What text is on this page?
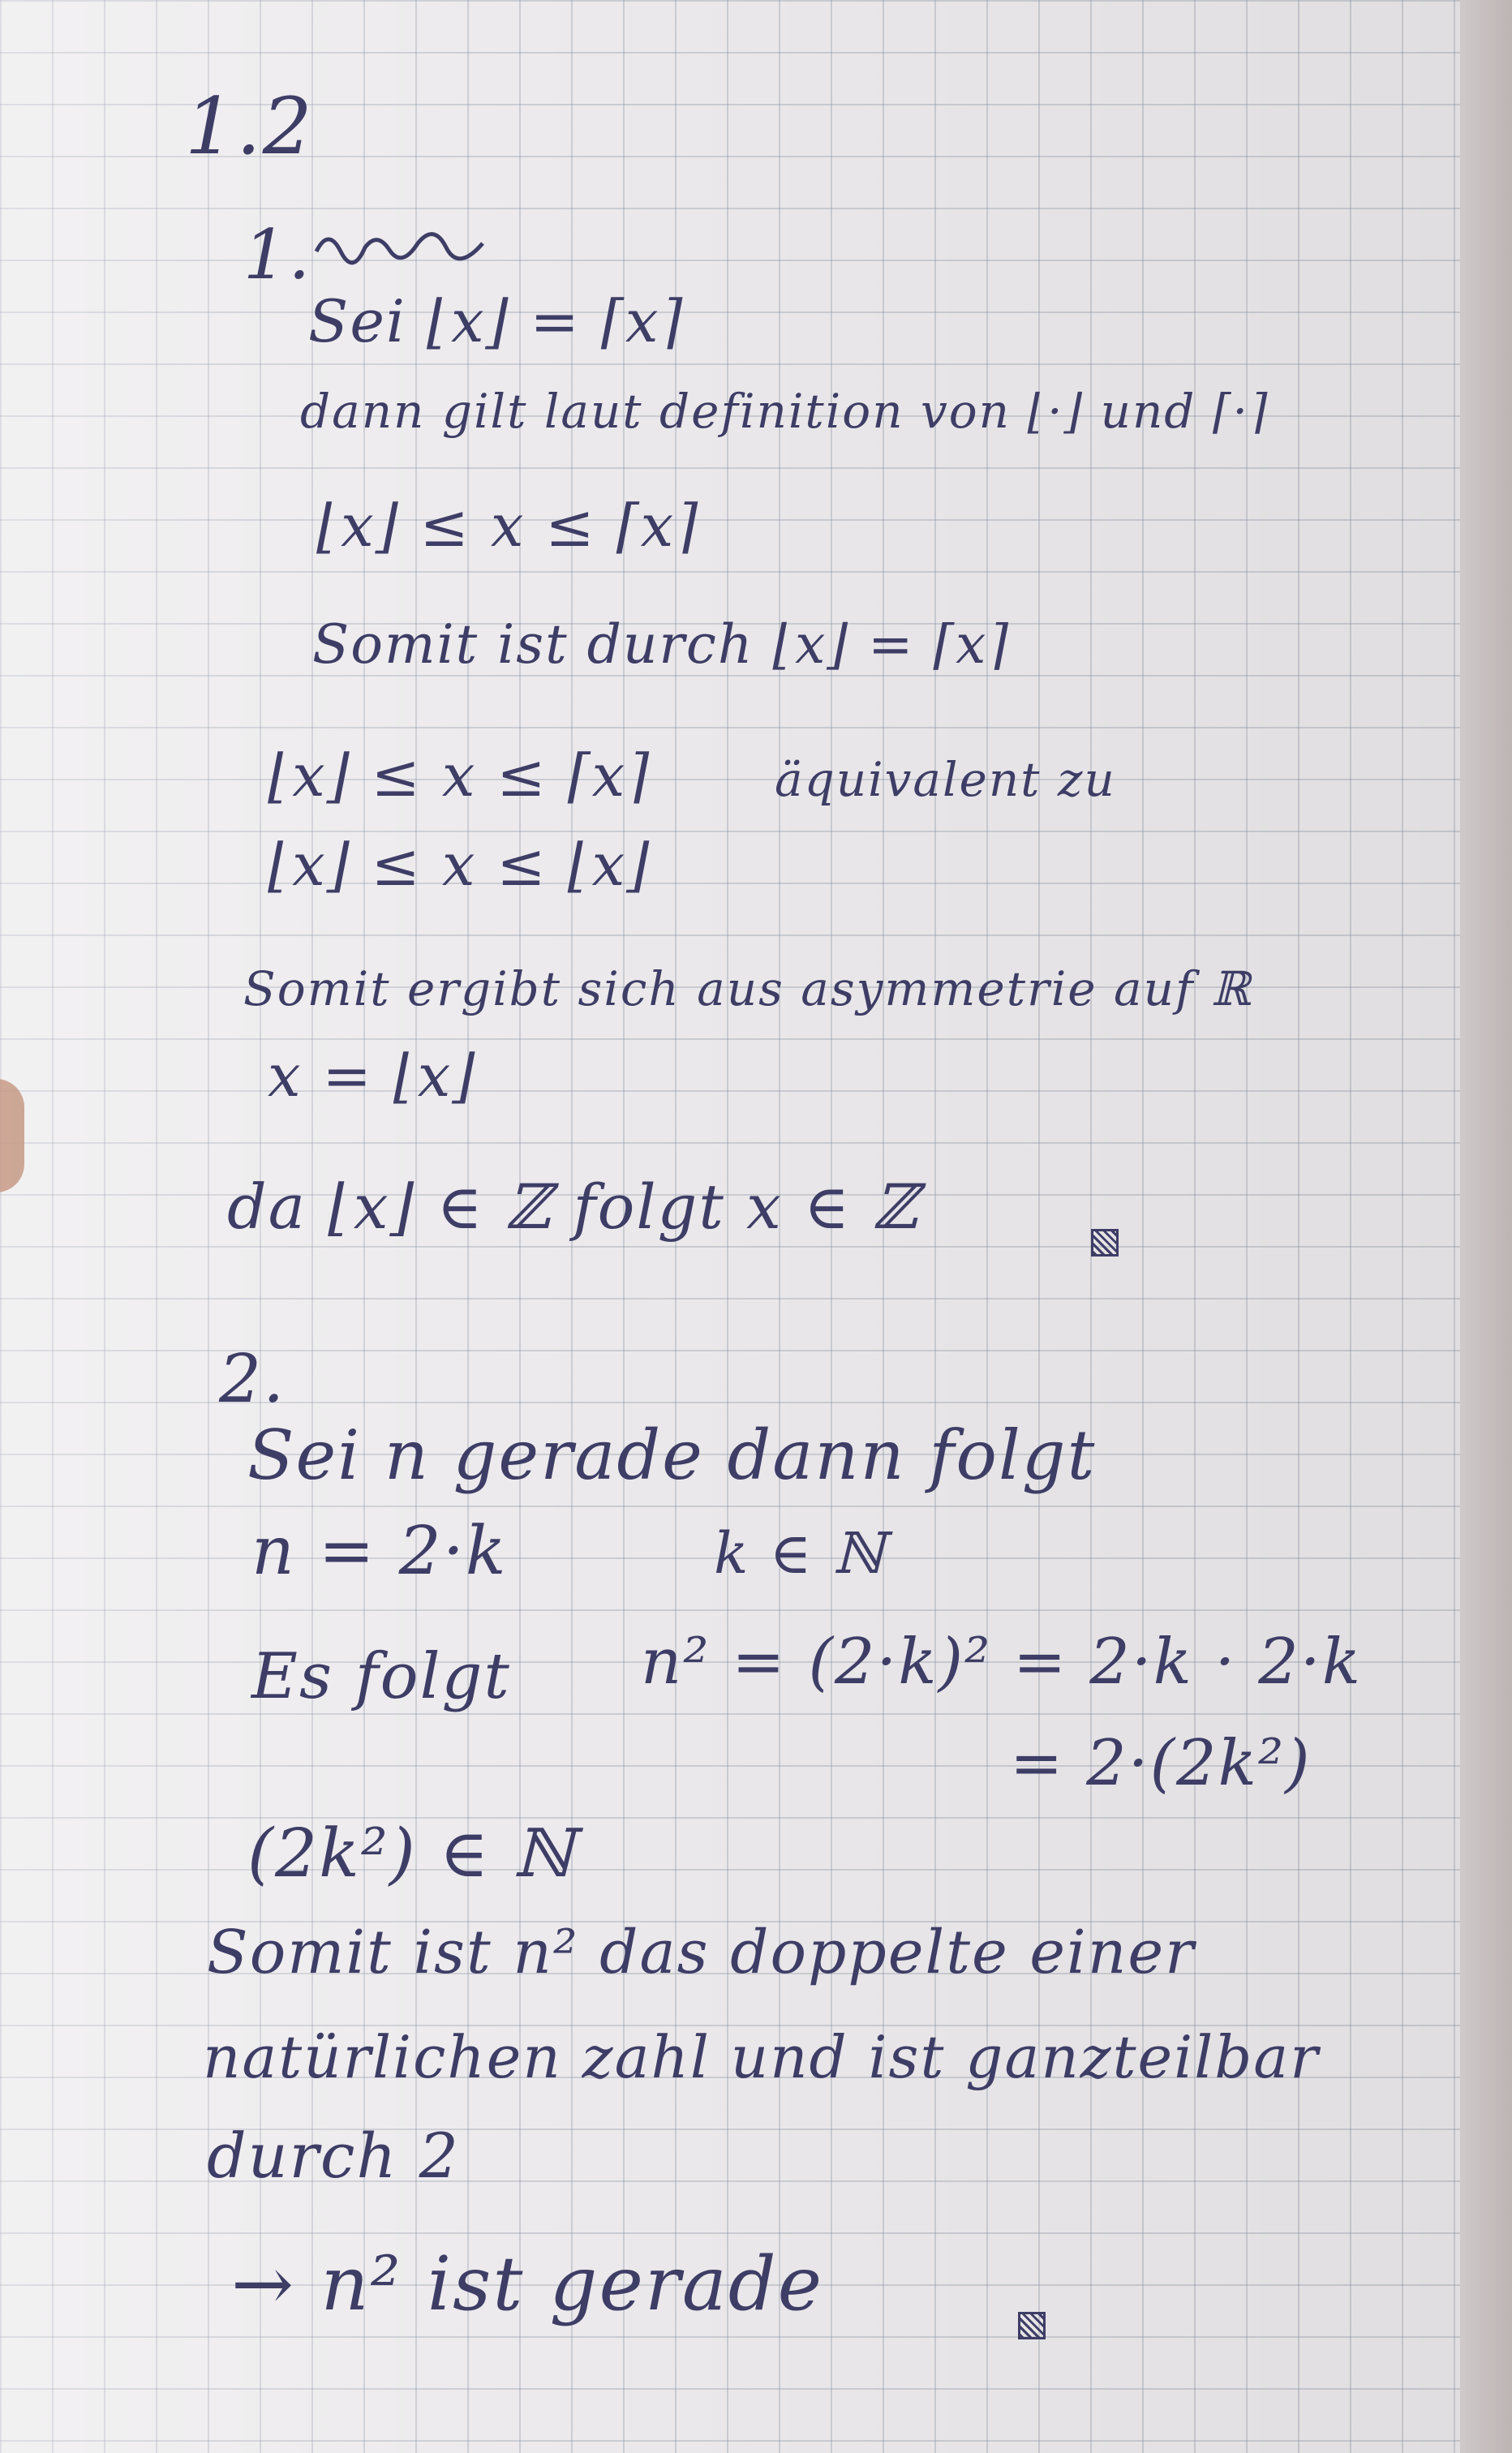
1.2

1.

Sei ⌊x⌋ = ⌈x⌉

dann gilt laut definition von ⌊·⌋ und ⌈·⌉

⌊x⌋ ≤ x ≤ ⌈x⌉

Somit ist durch ⌊x⌋ = ⌈x⌉

⌊x⌋ ≤ x ≤ ⌈x⌉	äquivalent zu

⌊x⌋ ≤ x ≤ ⌊x⌋

Somit ergibt sich aus asymmetrie auf ℝ

x = ⌊x⌋

da ⌊x⌋ ∈ ℤ folgt x ∈ ℤ

2.

Sei n gerade dann folgt

n = 2·k	k ∈ ℕ

Es folgt n² = (2·k)² = 2·k · 2·k

= 2·(2k²)

(2k²) ∈ ℕ

Somit ist n² das doppelte einer

natürlichen zahl und ist ganzteilbar

durch 2

→ n² ist gerade
